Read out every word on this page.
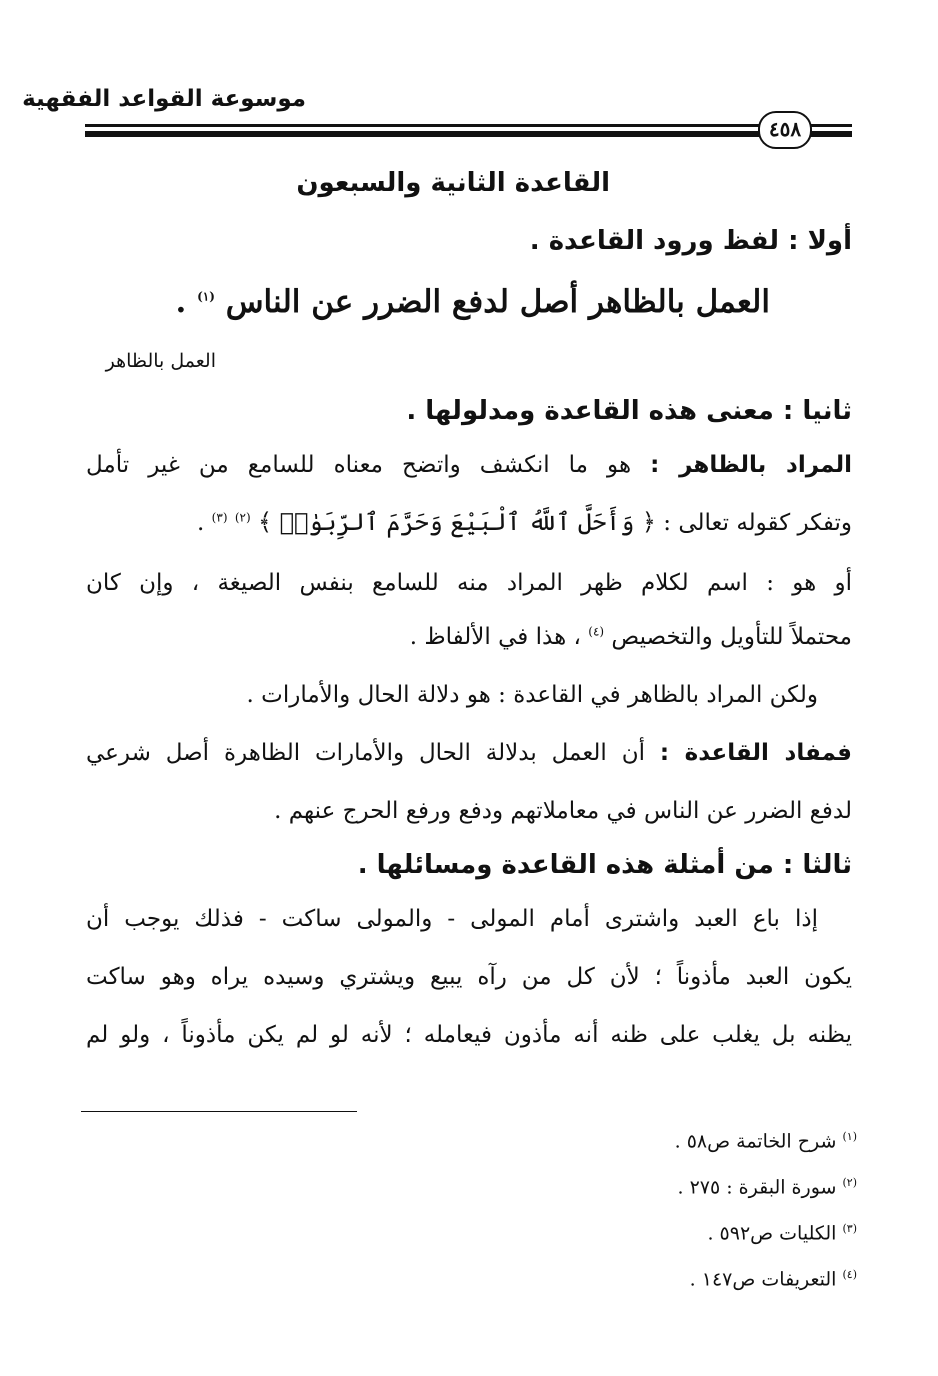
موسوعة القواعد الفقهية
٤٥٨
القاعدة الثانية والسبعون
أولا : لفظ ورود القاعدة .
العمل بالظاهر أصل لدفع الضرر عن الناس $^{(١)}$ .
العمل بالظاهر
ثانيا : معنى هذه القاعدة ومدلولها .
المراد بالظاهر : هو ما انكشف واتضح معناه للسامع من غير تأمل
وتفكر كقوله تعالى : ﴿ وَأَحَلَّ ٱللَّهُ ٱلْبَيْعَ وَحَرَّمَ ٱلرِّبَوٰا۟ ﴾ $^{(٢)}$ $^{(٣)}$ .
أو هو : اسم لكلام ظهر المراد منه للسامع بنفس الصيغة ، وإن كان
محتملاً للتأويل والتخصيص $^{(٤)}$ ، هذا في الألفاظ .
ولكن المراد بالظاهر في القاعدة : هو دلالة الحال والأمارات .
فمفاد القاعدة : أن العمل بدلالة الحال والأمارات الظاهرة أصل شرعي
لدفع الضرر عن الناس في معاملاتهم ودفع ورفع الحرج عنهم .
ثالثا : من أمثلة هذه القاعدة ومسائلها .
إذا باع العبد واشترى أمام المولى - والمولى ساكت - فذلك يوجب أن
يكون العبد مأذوناً ؛ لأن كل من رآه يبيع ويشتري وسيده يراه وهو ساكت
يظنه بل يغلب على ظنه أنه مأذون فيعامله ؛ لأنه لو لم يكن مأذوناً ، ولو لم
$^{(١)}$ شرح الخاتمة ص٥٨ .
$^{(٢)}$ سورة البقرة : ٢٧٥ .
$^{(٣)}$ الكليات ص٥٩٢ .
$^{(٤)}$ التعريفات ص١٤٧ .
